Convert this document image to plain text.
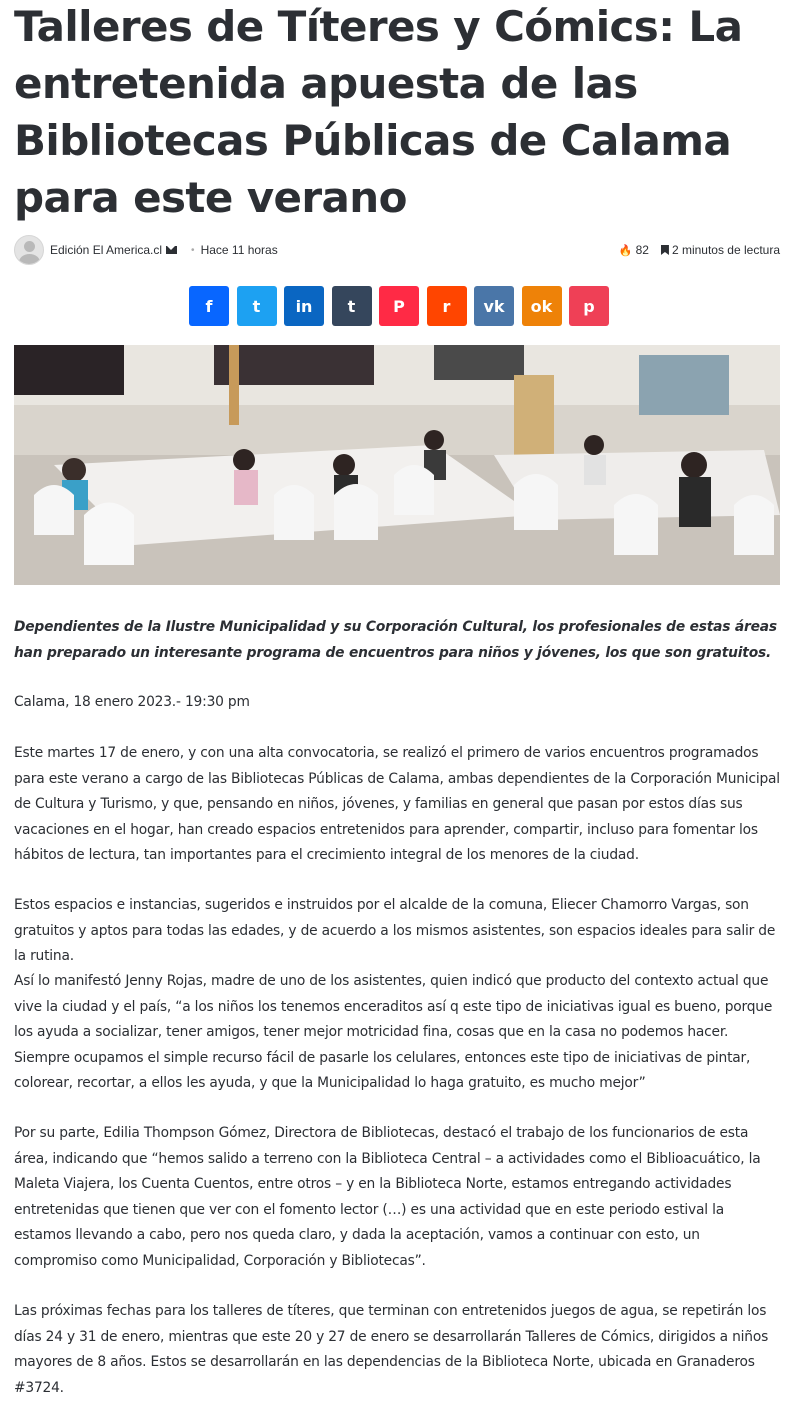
Talleres de Títeres y Cómics: La entretenida apuesta de las Bibliotecas Públicas de Calama para este verano
Edición El America.cl	• Hace 11 horas	🔥 82 2 minutos de lectura
f	t in t P r vk ok p

Dependientes de la Ilustre Municipalidad y su Corporación Cultural, los profesionales de estas áreas han preparado un interesante programa de encuentros para niños y jóvenes, los que son gratuitos.

Calama, 18 enero 2023.- 19:30 pm

Este martes 17 de enero, y con una alta convocatoria, se realizó el primero de varios encuentros programados para este verano a cargo de las Bibliotecas Públicas de Calama, ambas dependientes de la Corporación Municipal de Cultura y Turismo, y que, pensando en niños, jóvenes, y familias en general que pasan por estos días sus vacaciones en el hogar, han creado espacios entretenidos para aprender, compartir, incluso para fomentar los hábitos de lectura, tan importantes para el crecimiento integral de los menores de la ciudad.

Estos espacios e instancias, sugeridos e instruidos por el alcalde de la comuna, Eliecer Chamorro Vargas, son gratuitos y aptos para todas las edades, y de acuerdo a los mismos asistentes, son espacios ideales para salir de la rutina.

Así lo manifestó Jenny Rojas, madre de uno de los asistentes, quien indicó que producto del contexto actual que vive la ciudad y el país, “a los niños los tenemos enceraditos así q este tipo de iniciativas igual es bueno, porque los ayuda a socializar, tener amigos, tener mejor motricidad fina, cosas que en la casa no podemos hacer. Siempre ocupamos el simple recurso fácil de pasarle los celulares, entonces este tipo de iniciativas de pintar, colorear, recortar, a ellos les ayuda, y que la Municipalidad lo haga gratuito, es mucho mejor”

Por su parte, Edilia Thompson Gómez, Directora de Bibliotecas, destacó el trabajo de los funcionarios de esta área, indicando que “hemos salido a terreno con la Biblioteca Central – a actividades como el Biblioacuático, la Maleta Viajera, los Cuenta Cuentos, entre otros – y en la Biblioteca Norte, estamos entregando actividades entretenidas que tienen que ver con el fomento lector (…) es una actividad que en este periodo estival la estamos llevando a cabo, pero nos queda claro, y dada la aceptación, vamos a continuar con esto, un compromiso como Municipalidad, Corporación y Bibliotecas”.

Las próximas fechas para los talleres de títeres, que terminan con entretenidos juegos de agua, se repetirán los días 24 y 31 de enero, mientras que este 20 y 27 de enero se desarrollarán Talleres de Cómics, dirigidos a niños mayores de 8 años. Estos se desarrollarán en las dependencias de la Biblioteca Norte, ubicada en Granaderos #3724.
